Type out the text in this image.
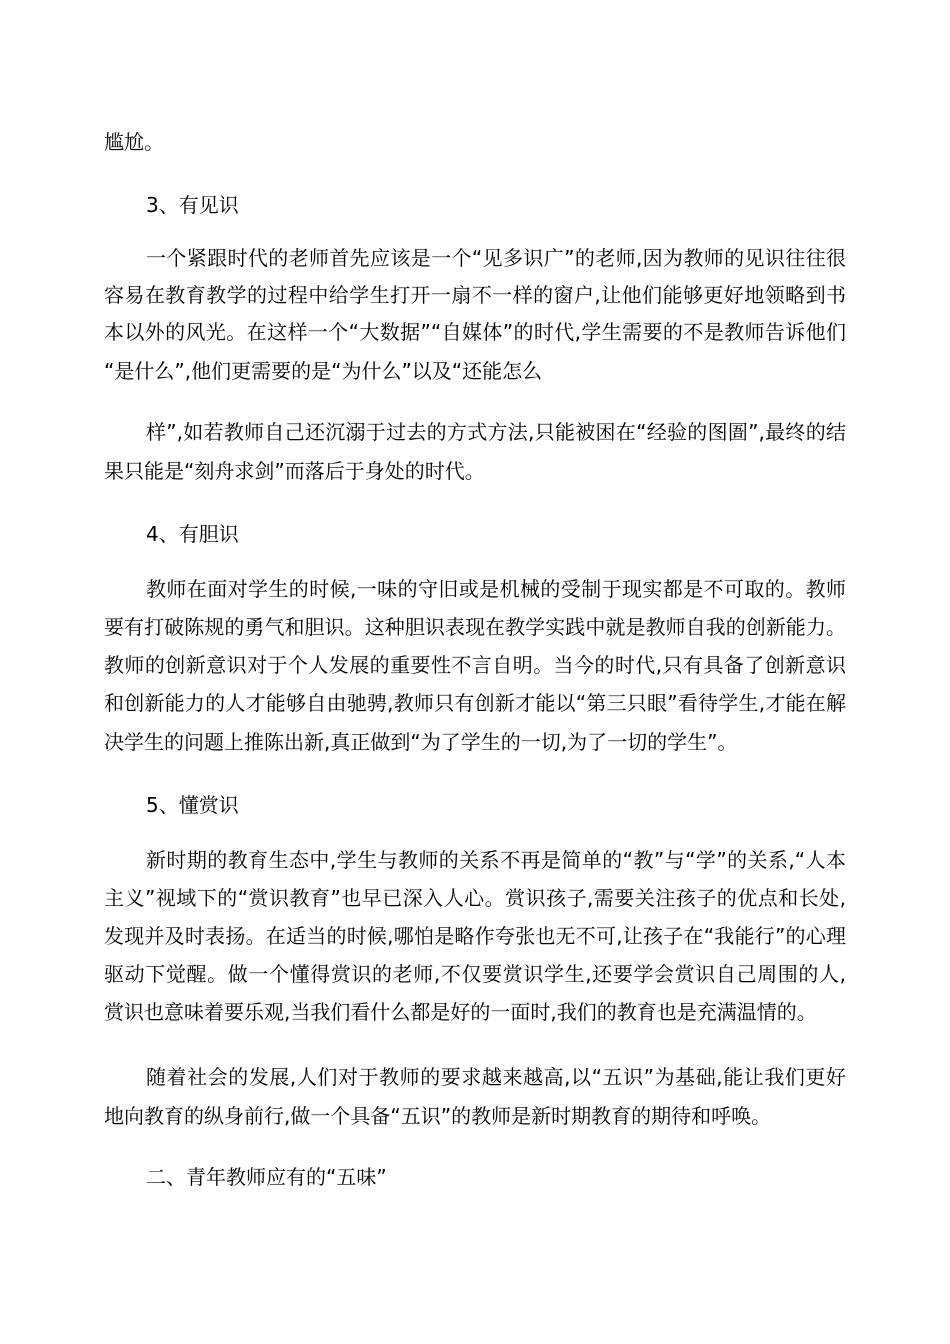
尴尬。
3、有见识
一个紧跟时代的老师首先应该是一个“见多识广”的老师,因为教师的见识往往很
容易在教育教学的过程中给学生打开一扇不一样的窗户,让他们能够更好地领略到书
本以外的风光。在这样一个“大数据”“自媒体”的时代,学生需要的不是教师告诉他们
“是什么”,他们更需要的是“为什么”以及“还能怎么
样”,如若教师自己还沉溺于过去的方式方法,只能被困在“经验的图圄”,最终的结
果只能是“刻舟求剑”而落后于身处的时代。
4、有胆识
教师在面对学生的时候,一味的守旧或是机械的受制于现实都是不可取的。教师
要有打破陈规的勇气和胆识。这种胆识表现在教学实践中就是教师自我的创新能力。
教师的创新意识对于个人发展的重要性不言自明。当今的时代,只有具备了创新意识
和创新能力的人才能够自由驰骋,教师只有创新才能以“第三只眼”看待学生,才能在解
决学生的问题上推陈出新,真正做到“为了学生的一切,为了一切的学生”。
5、懂赏识
新时期的教育生态中,学生与教师的关系不再是简单的“教”与“学”的关系,“人本
主义”视域下的“赏识教育”也早已深入人心。赏识孩子,需要关注孩子的优点和长处,
发现并及时表扬。在适当的时候,哪怕是略作夸张也无不可,让孩子在“我能行”的心理
驱动下觉醒。做一个懂得赏识的老师,不仅要赏识学生,还要学会赏识自己周围的人,
赏识也意味着要乐观,当我们看什么都是好的一面时,我们的教育也是充满温情的。
随着社会的发展,人们对于教师的要求越来越高,以“五识”为基础,能让我们更好
地向教育的纵身前行,做一个具备“五识”的教师是新时期教育的期待和呼唤。
二、青年教师应有的“五味”
